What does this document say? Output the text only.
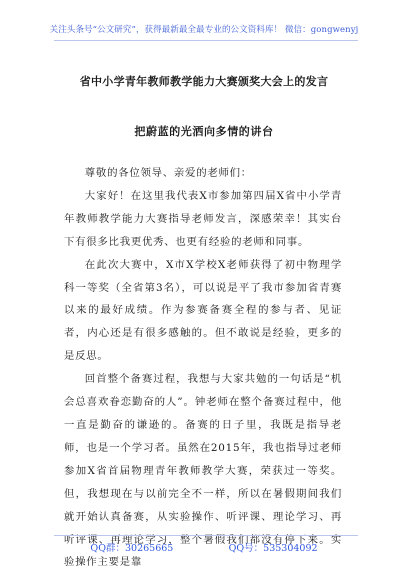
关注头条号“公文研究”，获得最新最全最专业的公文资料库！ 微信：gongwenyj
省中小学青年教师教学能力大赛颁奖大会上的发言
把蔚蓝的光洒向多情的讲台

尊敬的各位领导、亲爱的老师们：

大家好！在这里我代表X市参加第四届X省中小学青年教师教学能力大赛指导老师发言，深感荣幸！其实台下有很多比我更优秀、也更有经验的老师和同事。

在此次大赛中，X市X学校X老师获得了初中物理学科一等奖（全省第3名），可以说是平了我市参加省青赛以来的最好成绩。作为参赛备赛全程的参与者、见证者，内心还是有很多感触的。但不敢说是经验，更多的是反思。

回首整个备赛过程，我想与大家共勉的一句话是“机会总喜欢眷恋勤奋的人”。钟老师在整个备赛过程中，他一直是勤奋的谦逊的。备赛的日子里，我既是指导老师，也是一个学习者。虽然在2015年，我也指导过老师参加X省首届物理青年教师教学大赛，荣获过一等奖。但，我想现在与以前完全不一样，所以在暑假期间我们就开始认真备赛，从实验操作、听评课、理论学习、再听评课、再理论学习，整个暑假我们都没有停下来。实验操作主要是靠

QQ群：30265665	QQ号：535304092
